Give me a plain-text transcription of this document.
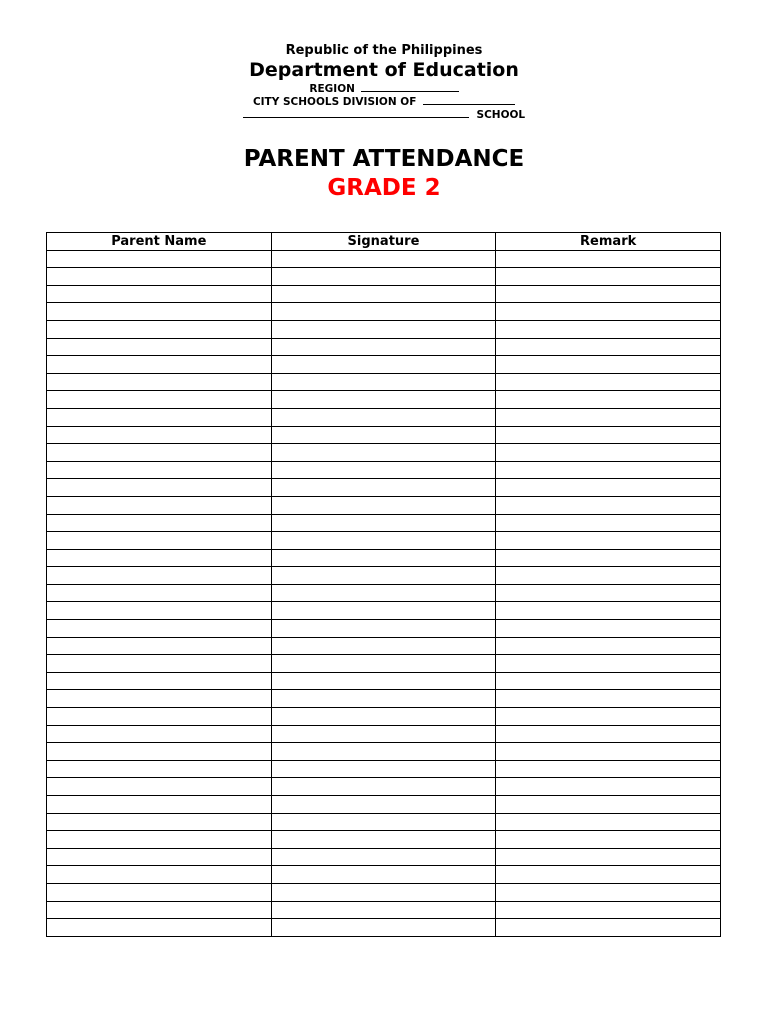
Republic of the Philippines
Department of Education
REGION
CITY SCHOOLS DIVISION OF
SCHOOL
PARENT ATTENDANCE
GRADE 2
Parent Name	Signature	Remark
